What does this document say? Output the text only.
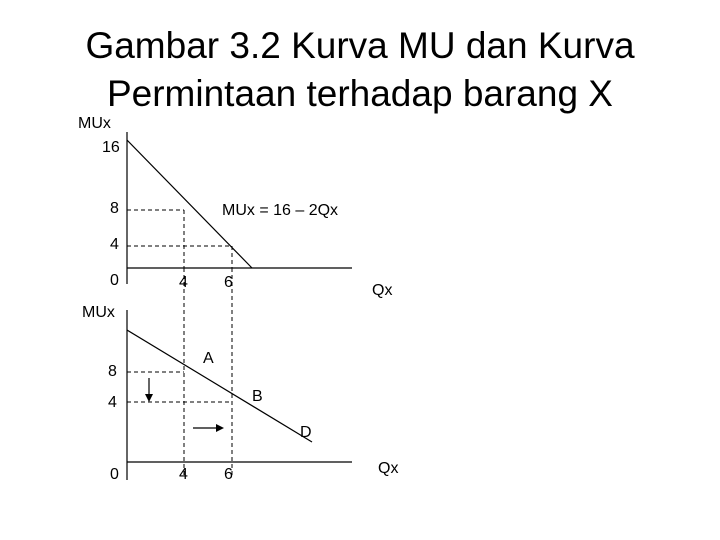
Gambar 3.2 Kurva MU dan Kurva
Permintaan terhadap barang X
MUx
16
8
4
0	4 6	Qx
MUx = 16 – 2Qx
MUx
8
4
0	4 6	Qx
A
B
D
